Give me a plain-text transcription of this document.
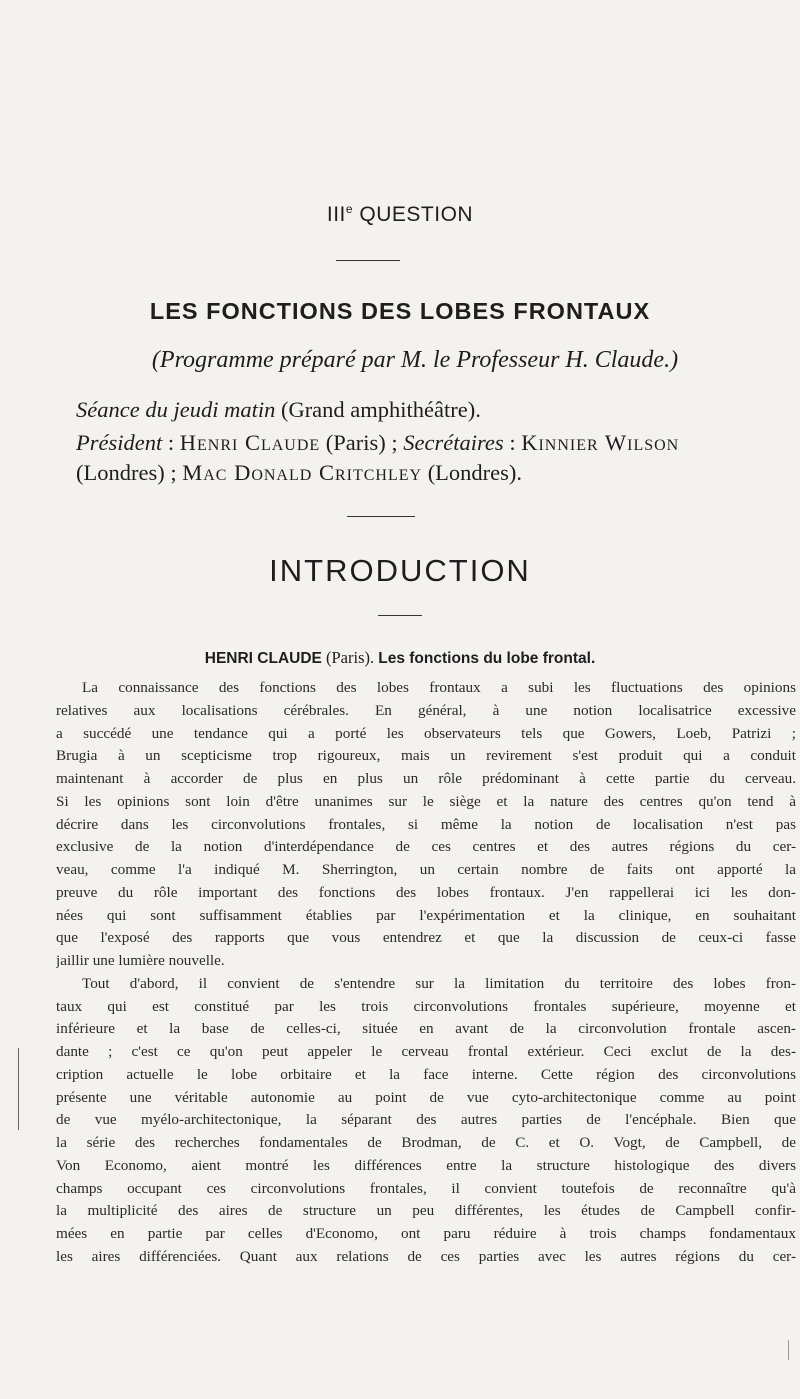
IIIe QUESTION
LES FONCTIONS DES LOBES FRONTAUX
(Programme préparé par M. le Professeur H. Claude.)
Séance du jeudi matin (Grand amphithéâtre).
Président : Henri Claude (Paris) ; Secrétaires : Kinnier Wilson
(Londres) ; Mac Donald Critchley (Londres).
INTRODUCTION
HENRI CLAUDE (Paris). Les fonctions du lobe frontal.
La connaissance des fonctions des lobes frontaux a subi les fluctuations des opinions
relatives aux localisations cérébrales. En général, à une notion localisatrice excessive
a succédé une tendance qui a porté les observateurs tels que Gowers, Loeb, Patrizi ;
Brugia à un scepticisme trop rigoureux, mais un revirement s'est produit qui a conduit
maintenant à accorder de plus en plus un rôle prédominant à cette partie du cerveau.
Si les opinions sont loin d'être unanimes sur le siège et la nature des centres qu'on tend à
décrire dans les circonvolutions frontales, si même la notion de localisation n'est pas
exclusive de la notion d'interdépendance de ces centres et des autres régions du cer-
veau, comme l'a indiqué M. Sherrington, un certain nombre de faits ont apporté la
preuve du rôle important des fonctions des lobes frontaux. J'en rappellerai ici les don-
nées qui sont suffisamment établies par l'expérimentation et la clinique, en souhaitant
que l'exposé des rapports que vous entendrez et que la discussion de ceux-ci fasse
jaillir une lumière nouvelle.
Tout d'abord, il convient de s'entendre sur la limitation du territoire des lobes fron-
taux qui est constitué par les trois circonvolutions frontales supérieure, moyenne et
inférieure et la base de celles-ci, située en avant de la circonvolution frontale ascen-
dante ; c'est ce qu'on peut appeler le cerveau frontal extérieur. Ceci exclut de la des-
cription actuelle le lobe orbitaire et la face interne. Cette région des circonvolutions
présente une véritable autonomie au point de vue cyto-architectonique comme au point
de vue myélo-architectonique, la séparant des autres parties de l'encéphale. Bien que
la série des recherches fondamentales de Brodman, de C. et O. Vogt, de Campbell, de
Von Economo, aient montré les différences entre la structure histologique des divers
champs occupant ces circonvolutions frontales, il convient toutefois de reconnaître qu'à
la multiplicité des aires de structure un peu différentes, les études de Campbell confir-
mées en partie par celles d'Economo, ont paru réduire à trois champs fondamentaux
les aires différenciées. Quant aux relations de ces parties avec les autres régions du cer-
